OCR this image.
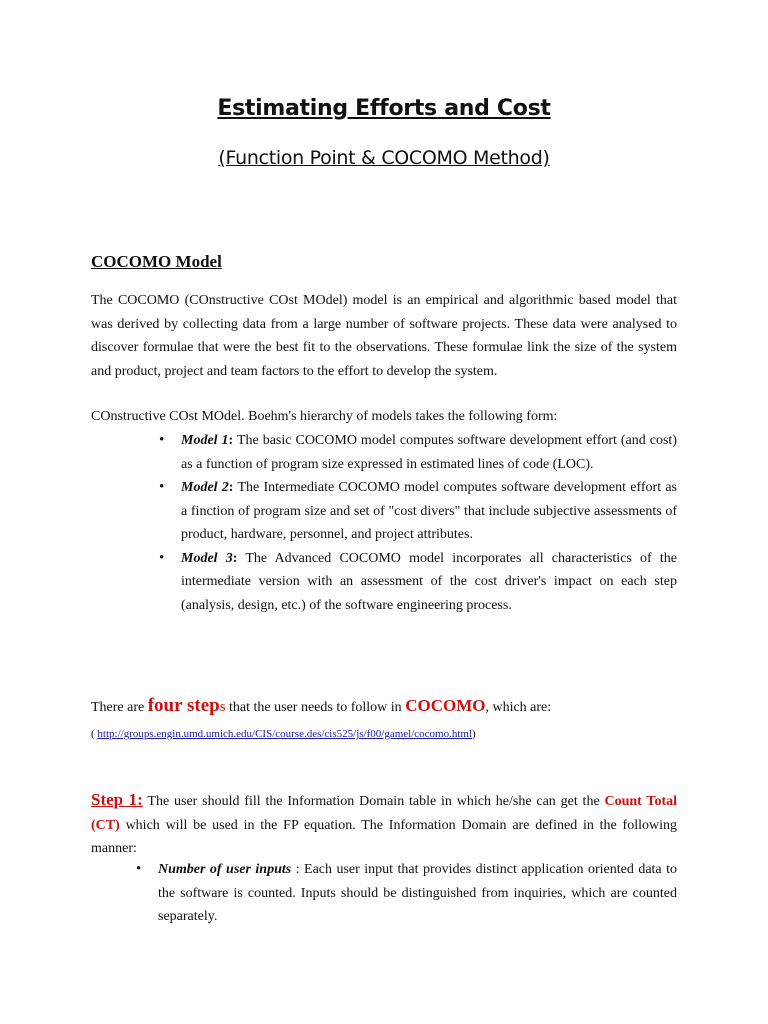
Estimating Efforts and Cost
(Function Point & COCOMO Method)
COCOMO Model

The COCOMO (COnstructive COst MOdel) model is an empirical and algorithmic based model that was derived by collecting data from a large number of software projects. These data were analysed to discover formulae that were the best fit to the observations. These formulae link the size of the system and product, project and team factors to the effort to develop the system.

COnstructive COst MOdel. Boehm's hierarchy of models takes the following form:

• Model 1: The basic COCOMO model computes software development effort (and cost) as a function of program size expressed in estimated lines of code (LOC).
• Model 2: The Intermediate COCOMO model computes software development effort as a finction of program size and set of "cost divers" that include subjective assessments of product, hardware, personnel, and project attributes.
• Model 3: The Advanced COCOMO model incorporates all characteristics of the intermediate version with an assessment of the cost driver's impact on each step (analysis, design, etc.) of the software engineering process.

There are four steps that the user needs to follow in COCOMO, which are:

( http://groups.engin.umd.umich.edu/CIS/course.des/cis525/js/f00/gamel/cocomo.html)

Step 1: The user should fill the Information Domain table in which he/she can get the Count Total (CT) which will be used in the FP equation. The Information Domain are defined in the following manner:

• Number of user inputs : Each user input that provides distinct application oriented data to the software is counted. Inputs should be distinguished from inquiries, which are counted separately.
